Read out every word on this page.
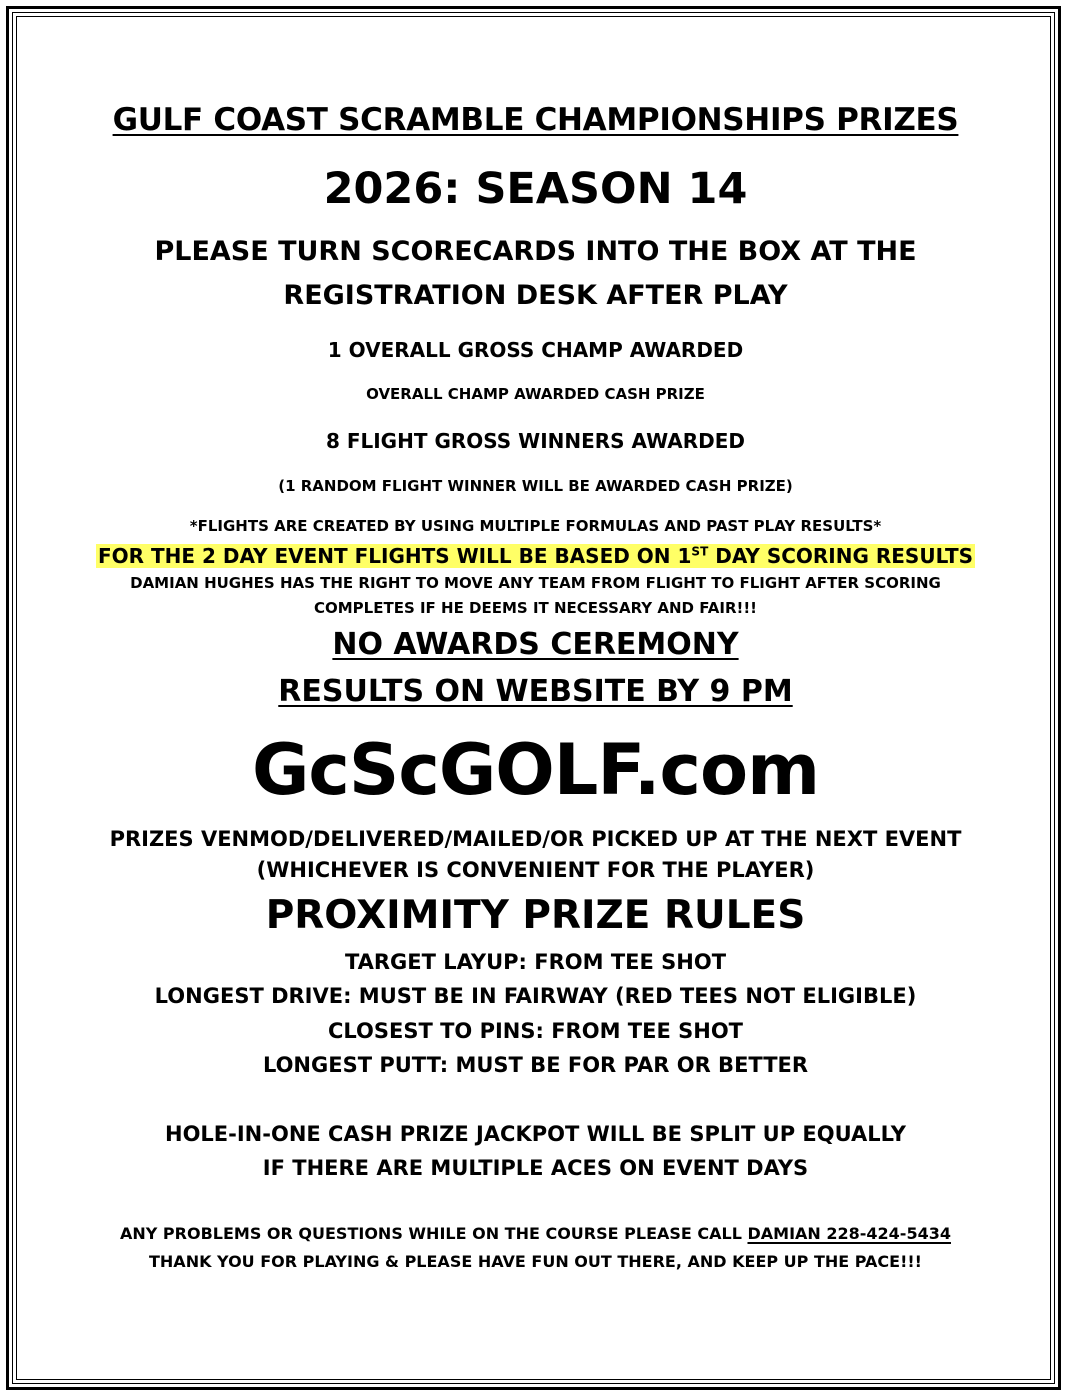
GULF COAST SCRAMBLE CHAMPIONSHIPS PRIZES
2026: SEASON 14
PLEASE TURN SCORECARDS INTO THE BOX AT THE
REGISTRATION DESK AFTER PLAY
1 OVERALL GROSS CHAMP AWARDED
OVERALL CHAMP AWARDED CASH PRIZE
8 FLIGHT GROSS WINNERS AWARDED
(1 RANDOM FLIGHT WINNER WILL BE AWARDED CASH PRIZE)
*FLIGHTS ARE CREATED BY USING MULTIPLE FORMULAS AND PAST PLAY RESULTS*
FOR THE 2 DAY EVENT FLIGHTS WILL BE BASED ON 1ST DAY SCORING RESULTS
DAMIAN HUGHES HAS THE RIGHT TO MOVE ANY TEAM FROM FLIGHT TO FLIGHT AFTER SCORING
COMPLETES IF HE DEEMS IT NECESSARY AND FAIR!!!
NO AWARDS CEREMONY
RESULTS ON WEBSITE BY 9 PM
GcScGOLF.com
PRIZES VENMOD/DELIVERED/MAILED/OR PICKED UP AT THE NEXT EVENT
(WHICHEVER IS CONVENIENT FOR THE PLAYER)
PROXIMITY PRIZE RULES
TARGET LAYUP: FROM TEE SHOT
LONGEST DRIVE: MUST BE IN FAIRWAY (RED TEES NOT ELIGIBLE)
CLOSEST TO PINS: FROM TEE SHOT
LONGEST PUTT: MUST BE FOR PAR OR BETTER
HOLE-IN-ONE CASH PRIZE JACKPOT WILL BE SPLIT UP EQUALLY
IF THERE ARE MULTIPLE ACES ON EVENT DAYS
ANY PROBLEMS OR QUESTIONS WHILE ON THE COURSE PLEASE CALL DAMIAN 228-424-5434
THANK YOU FOR PLAYING & PLEASE HAVE FUN OUT THERE, AND KEEP UP THE PACE!!!
